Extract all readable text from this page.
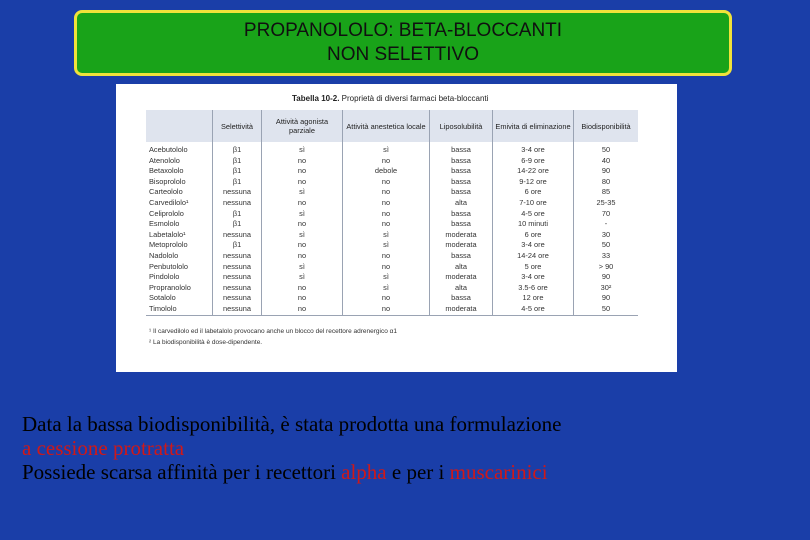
PROPANOLOLO: BETA-BLOCCANTI
NON SELETTIVO
Tabella 10-2. Proprietà di diversi farmaci beta-bloccanti
	Selettività	Attività agonista parziale	Attività anestetica locale	Liposolubilità	Emivita di eliminazione	Biodisponibilità
Acebutololo	β1	sì	sì	bassa	3-4 ore	50
Atenololo	β1	no	no	bassa	6-9 ore	40
Betaxololo	β1	no	debole	bassa	14-22 ore	90
Bisoprololo	β1	no	no	bassa	9-12 ore	80
Carteololo	nessuna	sì	no	bassa	6 ore	85
Carvedilolo¹	nessuna	no	no	alta	7-10 ore	25-35
Celiprololo	β1	sì	no	bassa	4-5 ore	70
Esmololo	β1	no	no	bassa	10 minuti	-
Labetalolo¹	nessuna	sì	sì	moderata	6 ore	30
Metoprololo	β1	no	sì	moderata	3-4 ore	50
Nadololo	nessuna	no	no	bassa	14-24 ore	33
Penbutololo	nessuna	sì	no	alta	5 ore	> 90
Pindololo	nessuna	sì	sì	moderata	3-4 ore	90
Propranololo	nessuna	no	sì	alta	3.5-6 ore	30²
Sotalolo	nessuna	no	no	bassa	12 ore	90
Timololo	nessuna	no	no	moderata	4-5 ore	50
¹ Il carvedilolo ed il labetalolo provocano anche un blocco del recettore adrenergico α1
² La biodisponibilità è dose-dipendente.
Data la bassa biodisponibilità, è stata prodotta una formulazione
a cessione protratta
Possiede scarsa affinità per i recettori alpha e per i muscarinici
